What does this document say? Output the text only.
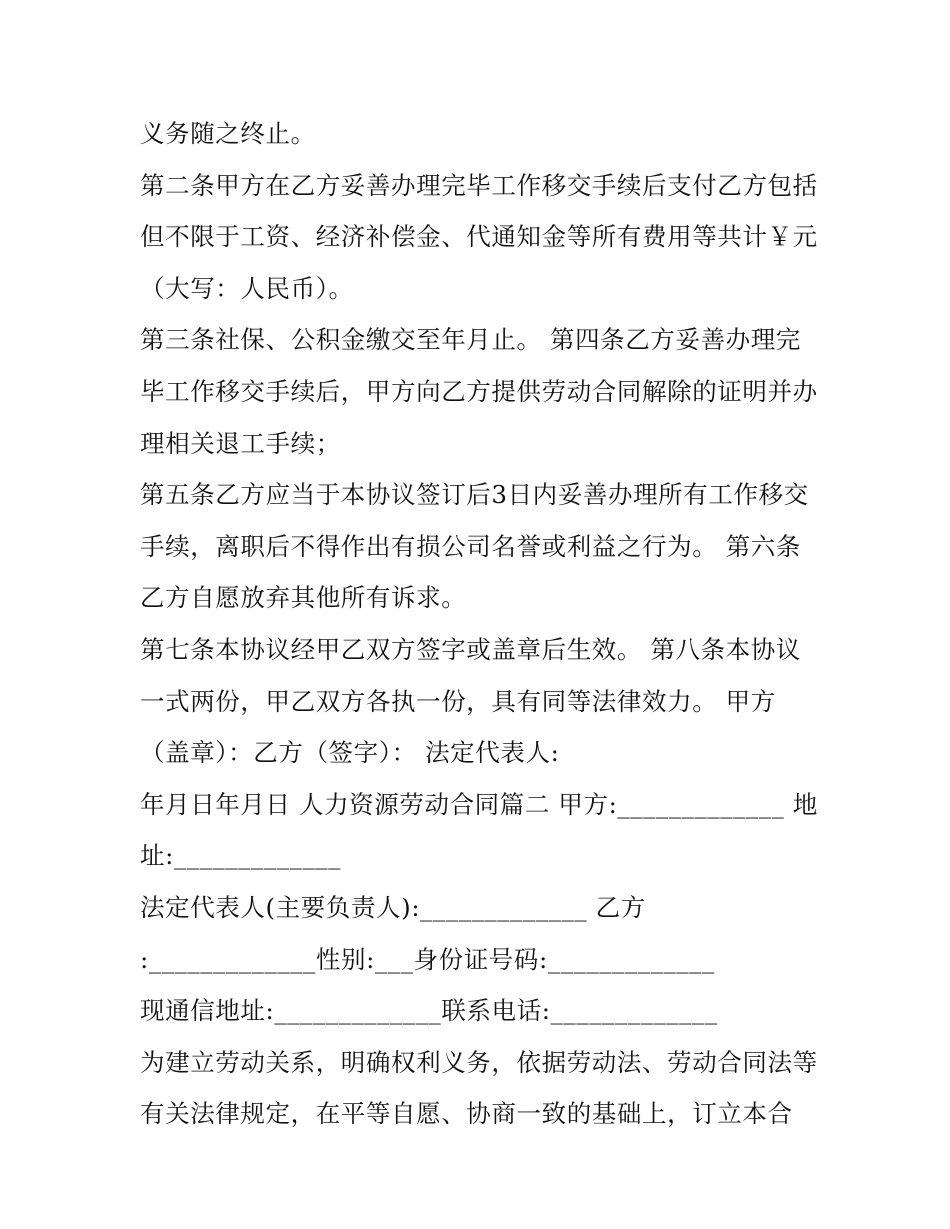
义务随之终止。
第二条甲方在乙方妥善办理完毕工作移交手续后支付乙方包括
但不限于工资、经济补偿金、代通知金等所有费用等共计￥元
（大写：人民币）。
第三条社保、公积金缴交至年月止。 第四条乙方妥善办理完
毕工作移交手续后，甲方向乙方提供劳动合同解除的证明并办
理相关退工手续；
第五条乙方应当于本协议签订后3日内妥善办理所有工作移交
手续，离职后不得作出有损公司名誉或利益之行为。 第六条
乙方自愿放弃其他所有诉求。
第七条本协议经甲乙双方签字或盖章后生效。 第八条本协议
一式两份，甲乙双方各执一份，具有同等法律效力。 甲方
（盖章）：乙方（签字）： 法定代表人:
年月日年月日 人力资源劳动合同篇二 甲方:_____________ 地
址:_____________
法定代表人(主要负责人):_____________ 乙方
:_____________性别:___身份证号码:_____________
现通信地址:_____________联系电话:_____________
为建立劳动关系，明确权利义务，依据劳动法、劳动合同法等
有关法律规定，在平等自愿、协商一致的基础上，订立本合
